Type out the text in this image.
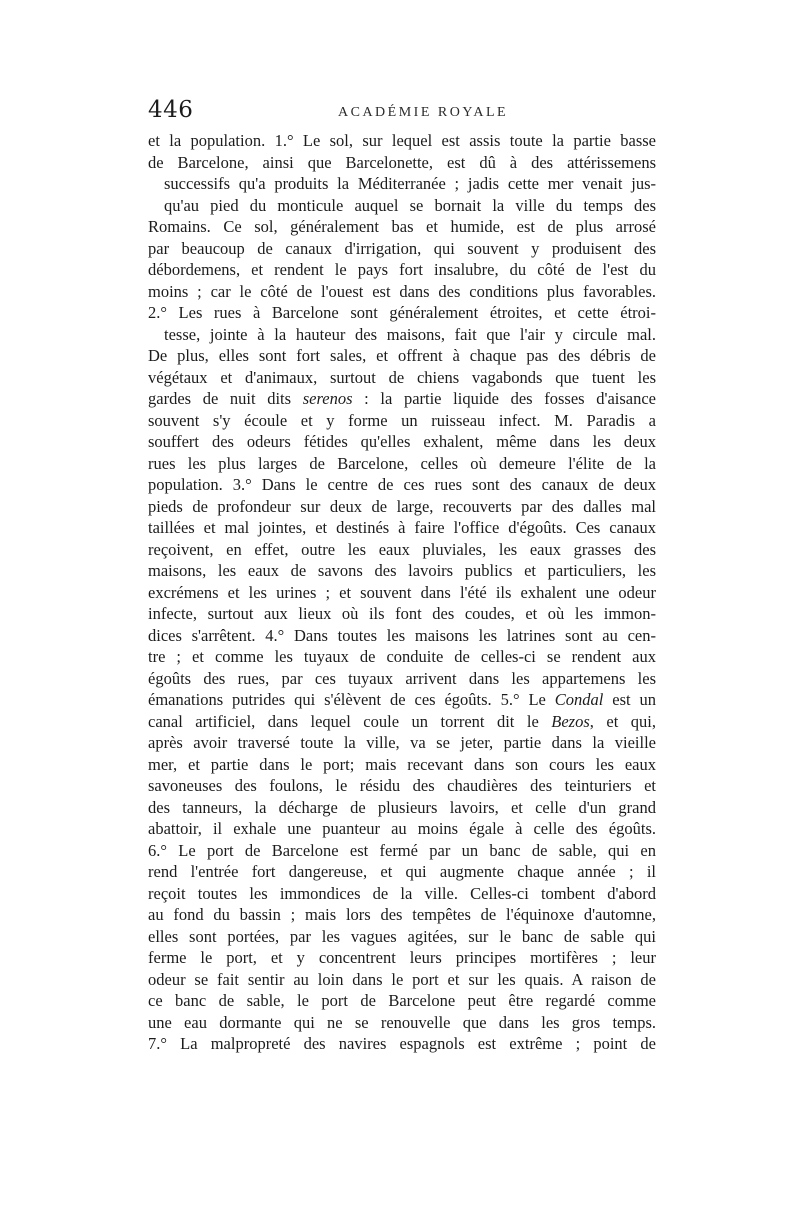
446	ACADÉMIE ROYALE
et la population. 1.° Le sol, sur lequel est assis toute la partie basse
de Barcelone, ainsi que Barcelonette, est dû à des attérissemens
successifs qu'a produits la Méditerranée ; jadis cette mer venait jus-
qu'au pied du monticule auquel se bornait la ville du temps des
Romains. Ce sol, généralement bas et humide, est de plus arrosé
par beaucoup de canaux d'irrigation, qui souvent y produisent des
débordemens, et rendent le pays fort insalubre, du côté de l'est du
moins ; car le côté de l'ouest est dans des conditions plus favorables.
2.° Les rues à Barcelone sont généralement étroites, et cette étroi-
tesse, jointe à la hauteur des maisons, fait que l'air y circule mal.
De plus, elles sont fort sales, et offrent à chaque pas des débris de
végétaux et d'animaux, surtout de chiens vagabonds que tuent les
gardes de nuit dits serenos : la partie liquide des fosses d'aisance
souvent s'y écoule et y forme un ruisseau infect. M. Paradis a
souffert des odeurs fétides qu'elles exhalent, même dans les deux
rues les plus larges de Barcelone, celles où demeure l'élite de la
population. 3.° Dans le centre de ces rues sont des canaux de deux
pieds de profondeur sur deux de large, recouverts par des dalles mal
taillées et mal jointes, et destinés à faire l'office d'égoûts. Ces canaux
reçoivent, en effet, outre les eaux pluviales, les eaux grasses des
maisons, les eaux de savons des lavoirs publics et particuliers, les
excrémens et les urines ; et souvent dans l'été ils exhalent une odeur
infecte, surtout aux lieux où ils font des coudes, et où les immon-
dices s'arrêtent. 4.° Dans toutes les maisons les latrines sont au cen-
tre ; et comme les tuyaux de conduite de celles-ci se rendent aux
égoûts des rues, par ces tuyaux arrivent dans les appartemens les
émanations putrides qui s'élèvent de ces égoûts. 5.° Le Condal est un
canal artificiel, dans lequel coule un torrent dit le Bezos, et qui,
après avoir traversé toute la ville, va se jeter, partie dans la vieille
mer, et partie dans le port; mais recevant dans son cours les eaux
savoneuses des foulons, le résidu des chaudières des teinturiers et
des tanneurs, la décharge de plusieurs lavoirs, et celle d'un grand
abattoir, il exhale une puanteur au moins égale à celle des égoûts.
6.° Le port de Barcelone est fermé par un banc de sable, qui en
rend l'entrée fort dangereuse, et qui augmente chaque année ; il
reçoit toutes les immondices de la ville. Celles-ci tombent d'abord
au fond du bassin ; mais lors des tempêtes de l'équinoxe d'automne,
elles sont portées, par les vagues agitées, sur le banc de sable qui
ferme le port, et y concentrent leurs principes mortifères ; leur
odeur se fait sentir au loin dans le port et sur les quais. A raison de
ce banc de sable, le port de Barcelone peut être regardé comme
une eau dormante qui ne se renouvelle que dans les gros temps.
7.° La malpropreté des navires espagnols est extrême ; point de
